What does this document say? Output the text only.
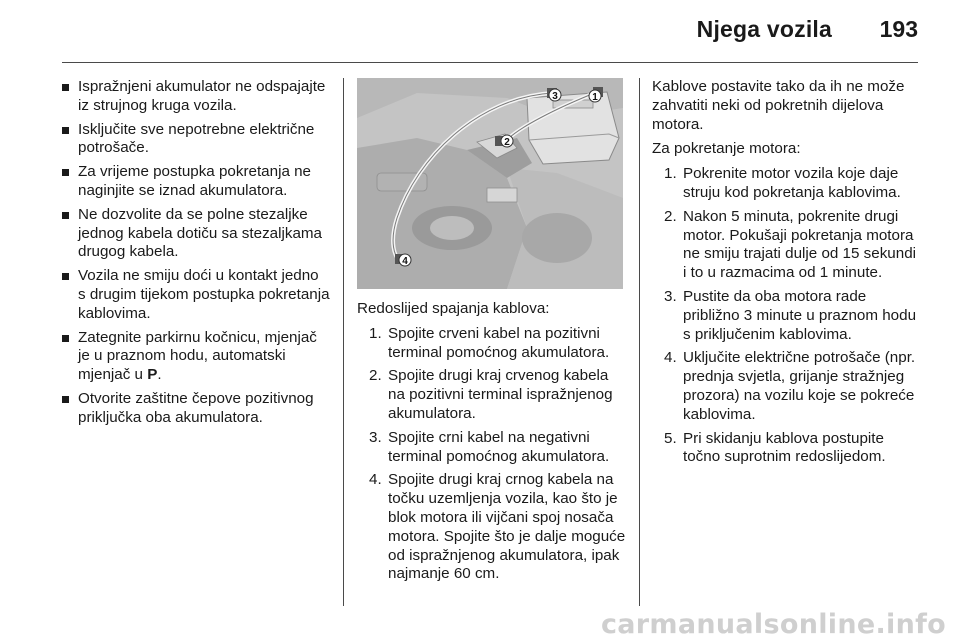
Njega vozila 193
Ispražnjeni akumulator ne odspajajte iz strujnog kruga vozila.
Isključite sve nepotrebne električne potrošače.
Za vrijeme postupka pokretanja ne naginjite se iznad akumulatora.
Ne dozvolite da se polne stezaljke jednog kabela dotiču sa stezaljkama drugog kabela.
Vozila ne smiju doći u kontakt jedno s drugim tijekom postupka pokretanja kablovima.
Zategnite parkirnu kočnicu, mjenjač je u praznom hodu, automatski mjenjač u P.
Otvorite zaštitne čepove pozitivnog priključka oba akumulatora.
1
2
3
4

Redoslijed spajanja kablova:

1. Spojite crveni kabel na pozitivni terminal pomoćnog akumulatora.
2. Spojite drugi kraj crvenog kabela na pozitivni terminal ispražnjenog akumulatora.
3. Spojite crni kabel na negativni terminal pomoćnog akumulatora.
4. Spojite drugi kraj crnog kabela na točku uzemljenja vozila, kao što je blok motora ili vijčani spoj nosača motora. Spojite što je dalje moguće od ispražnjenog akumulatora, ipak najmanje 60 cm.

Kablove postavite tako da ih ne može zahvatiti neki od pokretnih dijelova motora.

Za pokretanje motora:

1. Pokrenite motor vozila koje daje struju kod pokretanja kablovima.
2. Nakon 5 minuta, pokrenite drugi motor. Pokušaji pokretanja motora ne smiju trajati dulje od 15 sekundi i to u razmacima od 1 minute.
3. Pustite da oba motora rade približno 3 minute u praznom hodu s priključenim kablovima.
4. Uključite električne potrošače (npr. prednja svjetla, grijanje stražnjeg prozora) na vozilu koje se pokreće kablovima.
5. Pri skidanju kablova postupite točno suprotnim redoslijedom.
carmanualsonline.info
